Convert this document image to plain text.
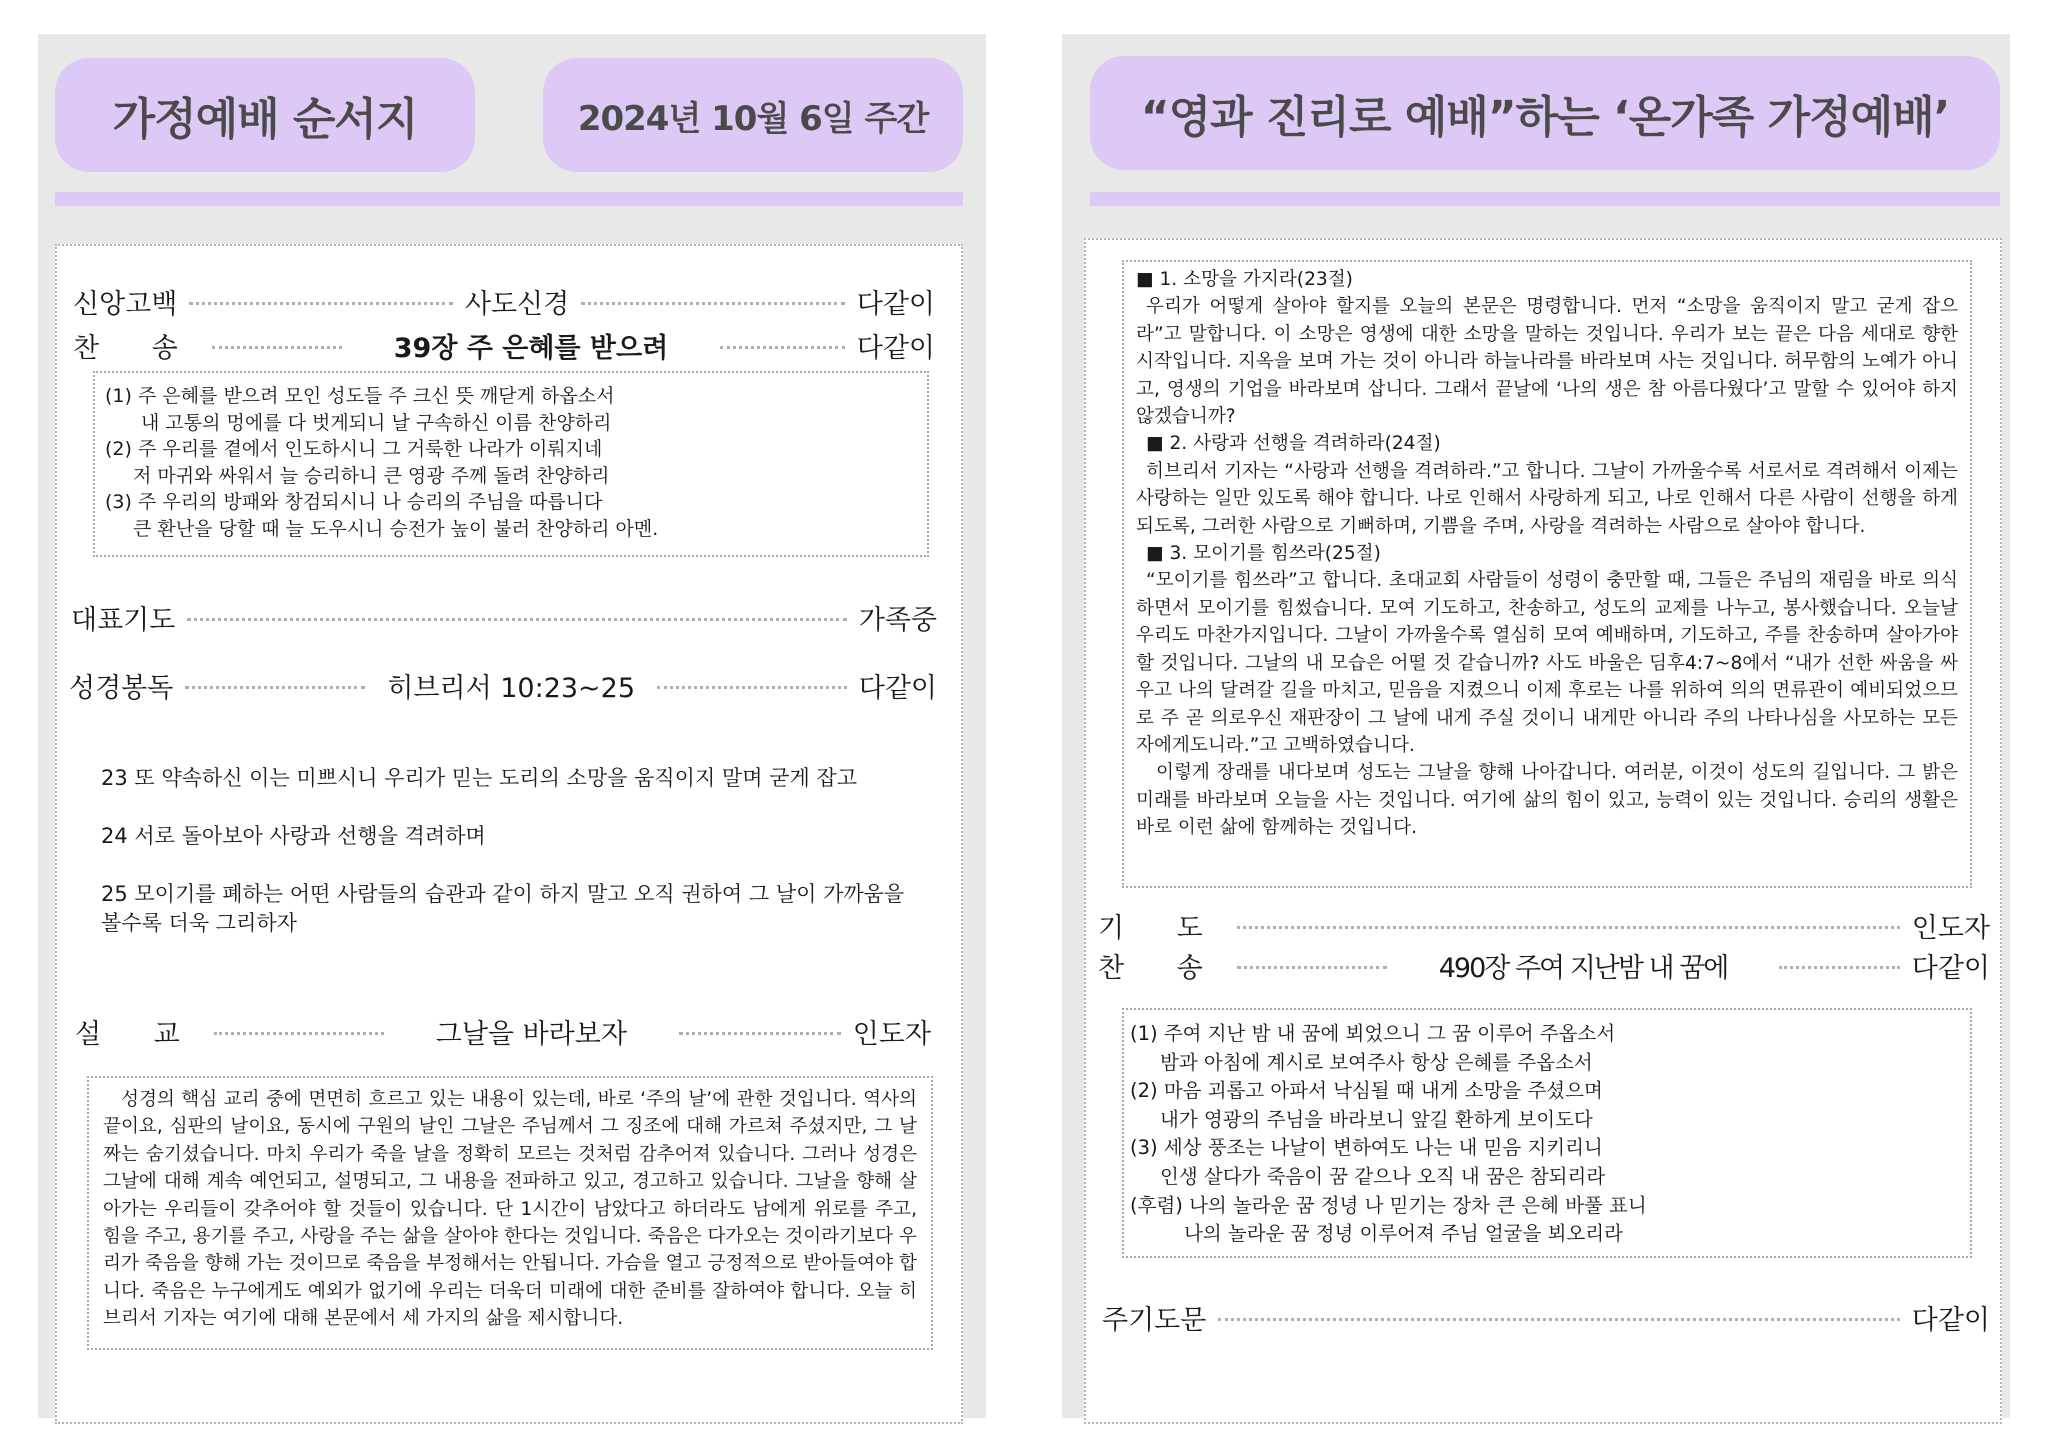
가정예배 순서지	2024년 10월 6일 주간
신앙고백	사도신경	다같이
찬 송	39장 주 은혜를 받으려	다같이
(1) 주 은혜를 받으려 모인 성도들 주 크신 뜻 깨닫게 하옵소서
내 고통의 멍에를 다 벗게되니 날 구속하신 이름 찬양하리
(2) 주 우리를 곁에서 인도하시니 그 거룩한 나라가 이뤄지네
저 마귀와 싸워서 늘 승리하니 큰 영광 주께 돌려 찬양하리
(3) 주 우리의 방패와 창검되시니 나 승리의 주님을 따릅니다
큰 환난을 당할 때 늘 도우시니 승전가 높이 불러 찬양하리 아멘.
대표기도	가족중
성경봉독	히브리서 10:23~25	다같이
23 또 약속하신 이는 미쁘시니 우리가 믿는 도리의 소망을 움직이지 말며 굳게 잡고
24 서로 돌아보아 사랑과 선행을 격려하며
25 모이기를 폐하는 어떤 사람들의 습관과 같이 하지 말고 오직 권하여 그 날이 가까움을 볼수록 더욱 그리하자
설 교	그날을 바라보자	인도자

성경의 핵심 교리 중에 면면히 흐르고 있는 내용이 있는데, 바로 ‘주의 날’에 관한 것입니다. 역사의 끝이요, 심판의 날이요, 동시에 구원의 날인 그날은 주님께서 그 징조에 대해 가르쳐 주셨지만, 그 날짜는 숨기셨습니다. 마치 우리가 죽을 날을 정확히 모르는 것처럼 감추어져 있습니다. 그러나 성경은 그날에 대해 계속 예언되고, 설명되고, 그 내용을 전파하고 있고, 경고하고 있습니다. 그날을 향해 살아가는 우리들이 갖추어야 할 것들이 있습니다. 단 1시간이 남았다고 하더라도 남에게 위로를 주고, 힘을 주고, 용기를 주고, 사랑을 주는 삶을 살아야 한다는 것입니다. 죽음은 다가오는 것이라기보다 우리가 죽음을 향해 가는 것이므로 죽음을 부정해서는 안됩니다. 가슴을 열고 긍정적으로 받아들여야 합니다. 죽음은 누구에게도 예외가 없기에 우리는 더욱더 미래에 대한 준비를 잘하여야 합니다. 오늘 히브리서 기자는 여기에 대해 본문에서 세 가지의 삶을 제시합니다.

“영과 진리로 예배”하는 ‘온가족 가정예배’

■ 1. 소망을 가지라(23절)

우리가 어떻게 살아야 할지를 오늘의 본문은 명령합니다. 먼저 “소망을 움직이지 말고 굳게 잡으라”고 말합니다. 이 소망은 영생에 대한 소망을 말하는 것입니다. 우리가 보는 끝은 다음 세대로 향한 시작입니다. 지옥을 보며 가는 것이 아니라 하늘나라를 바라보며 사는 것입니다. 허무함의 노예가 아니고, 영생의 기업을 바라보며 삽니다. 그래서 끝날에 ‘나의 생은 참 아름다웠다’고 말할 수 있어야 하지 않겠습니까?

■ 2. 사랑과 선행을 격려하라(24절)

히브리서 기자는 “사랑과 선행을 격려하라.”고 합니다. 그날이 가까울수록 서로서로 격려해서 이제는 사랑하는 일만 있도록 해야 합니다. 나로 인해서 사랑하게 되고, 나로 인해서 다른 사람이 선행을 하게 되도록, 그러한 사람으로 기뻐하며, 기쁨을 주며, 사랑을 격려하는 사람으로 살아야 합니다.

■ 3. 모이기를 힘쓰라(25절)

“모이기를 힘쓰라”고 합니다. 초대교회 사람들이 성령이 충만할 때, 그들은 주님의 재림을 바로 의식하면서 모이기를 힘썼습니다. 모여 기도하고, 찬송하고, 성도의 교제를 나누고, 봉사했습니다. 오늘날 우리도 마찬가지입니다. 그날이 가까울수록 열심히 모여 예배하며, 기도하고, 주를 찬송하며 살아가야 할 것입니다. 그날의 내 모습은 어떨 것 같습니까? 사도 바울은 딤후4:7~8에서 “내가 선한 싸움을 싸우고 나의 달려갈 길을 마치고, 믿음을 지켰으니 이제 후로는 나를 위하여 의의 면류관이 예비되었으므로 주 곧 의로우신 재판장이 그 날에 내게 주실 것이니 내게만 아니라 주의 나타나심을 사모하는 모든 자에게도니라.”고 고백하였습니다.

이렇게 장래를 내다보며 성도는 그날을 향해 나아갑니다. 여러분, 이것이 성도의 길입니다. 그 밝은 미래를 바라보며 오늘을 사는 것입니다. 여기에 삶의 힘이 있고, 능력이 있는 것입니다. 승리의 생활은 바로 이런 삶에 함께하는 것입니다.

기 도	인도자
찬 송	490장 주여 지난밤 내 꿈에	다같이
(1) 주여 지난 밤 내 꿈에 뵈었으니 그 꿈 이루어 주옵소서
밤과 아침에 계시로 보여주사 항상 은혜를 주옵소서
(2) 마음 괴롭고 아파서 낙심될 때 내게 소망을 주셨으며
내가 영광의 주님을 바라보니 앞길 환하게 보이도다
(3) 세상 풍조는 나날이 변하여도 나는 내 믿음 지키리니
인생 살다가 죽음이 꿈 같으나 오직 내 꿈은 참되리라
(후렴) 나의 놀라운 꿈 정녕 나 믿기는 장차 큰 은혜 바풀 표니
나의 놀라운 꿈 정녕 이루어져 주님 얼굴을 뵈오리라
주기도문	다같이
